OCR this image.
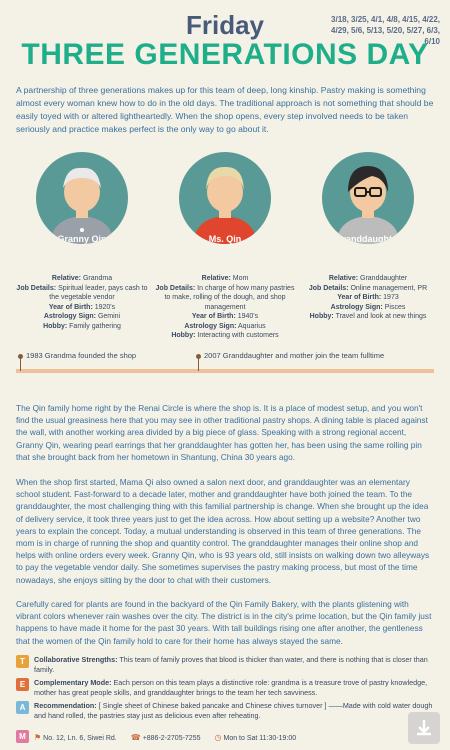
Friday	3/18, 3/25, 4/1, 4/8, 4/15, 4/22, 4/29, 5/6, 5/13, 5/20, 5/27, 6/3, 6/10
THREE GENERATIONS DAY
A partnership of three generations makes up for this team of deep, long kinship. Pastry making is something almost every woman knew how to do in the old days. The traditional approach is not something that should be easily toyed with or altered lightheartedly. When the shop opens, every step involved needs to be taken seriously and practice makes perfect is the only way to go about it.
Granny Qin
Relative: Grandma
Job Details: Spiritual leader, pays cash to the vegetable vendor
Year of Birth: 1920's
Astrology Sign: Gemini
Hobby: Family gathering
Ms. Qin
Relative: Mom
Job Details: In charge of how many pastries to make, rolling of the dough, and shop management
Year of Birth: 1940's
Astrology Sign: Aquarius
Hobby: Interacting with customers
Granddaughter
Relative: Granddaughter
Job Details: Online management, PR
Year of Birth: 1973
Astrology Sign: Pisces
Hobby: Travel and look at new things
1983 Grandma founded the shop	2007 Granddaughter and mother join the team fulltime
The Qin family home right by the Renai Circle is where the shop is. It is a place of modest setup, and you won't find the usual greasiness here that you may see in other traditional pastry shops. A dining table is placed against the wall, with another working area divided by a big piece of glass. Speaking with a strong regional accent, Granny Qin, wearing pearl earrings that her granddaughter has gotten her, has been using the same rolling pin that she brought back from her hometown in Shantung, China 30 years ago.
When the shop first started, Mama Qi also owned a salon next door, and granddaughter was an elementary school student. Fast-forward to a decade later, mother and granddaughter have both joined the team. To the granddaughter, the most challenging thing with this familial partnership is change. When she brought up the idea of delivery service, it took three years just to get the idea across. How about setting up a website? Another two years to explain the concept. Today, a mutual understanding is observed in this team of three generations. The mom is in charge of running the shop and quantity control. The granddaughter manages their online shop and helps with online orders every week. Granny Qin, who is 93 years old, still insists on walking down two alleyways to pay the vegetable vendor daily. She sometimes supervises the pastry making process, but most of the time nowadays, she enjoys sitting by the door to chat with their customers.
Carefully cared for plants are found in the backyard of the Qin Family Bakery, with the plants glistening with vibrant colors whenever rain washes over the city. The district is in the city's prime location, but the Qin family just happens to have made it home for the past 30 years. With tall buildings rising one after another, the gentleness that the women of the Qin family hold to care for their home has always stayed the same.
T	Collaborative Strengths: This team of family proves that blood is thicker than water, and there is nothing that is closer than family.
E	Complementary Mode: Each person on this team plays a distinctive role: grandma is a treasure trove of pastry knowledge, mother has great people skills, and granddaughter brings to the team her tech savviness.
A	Recommendation: [ Single sheet of Chinese baked pancake and Chinese chives turnover ] ——Made with cold water dough and hand rolled, the pastries stay just as delicious even after reheating.
M	⚑ No. 12, Ln. 6, Siwei Rd. ☎ +886-2-2705-7255 ◷ Mon to Sat 11:30-19:00
